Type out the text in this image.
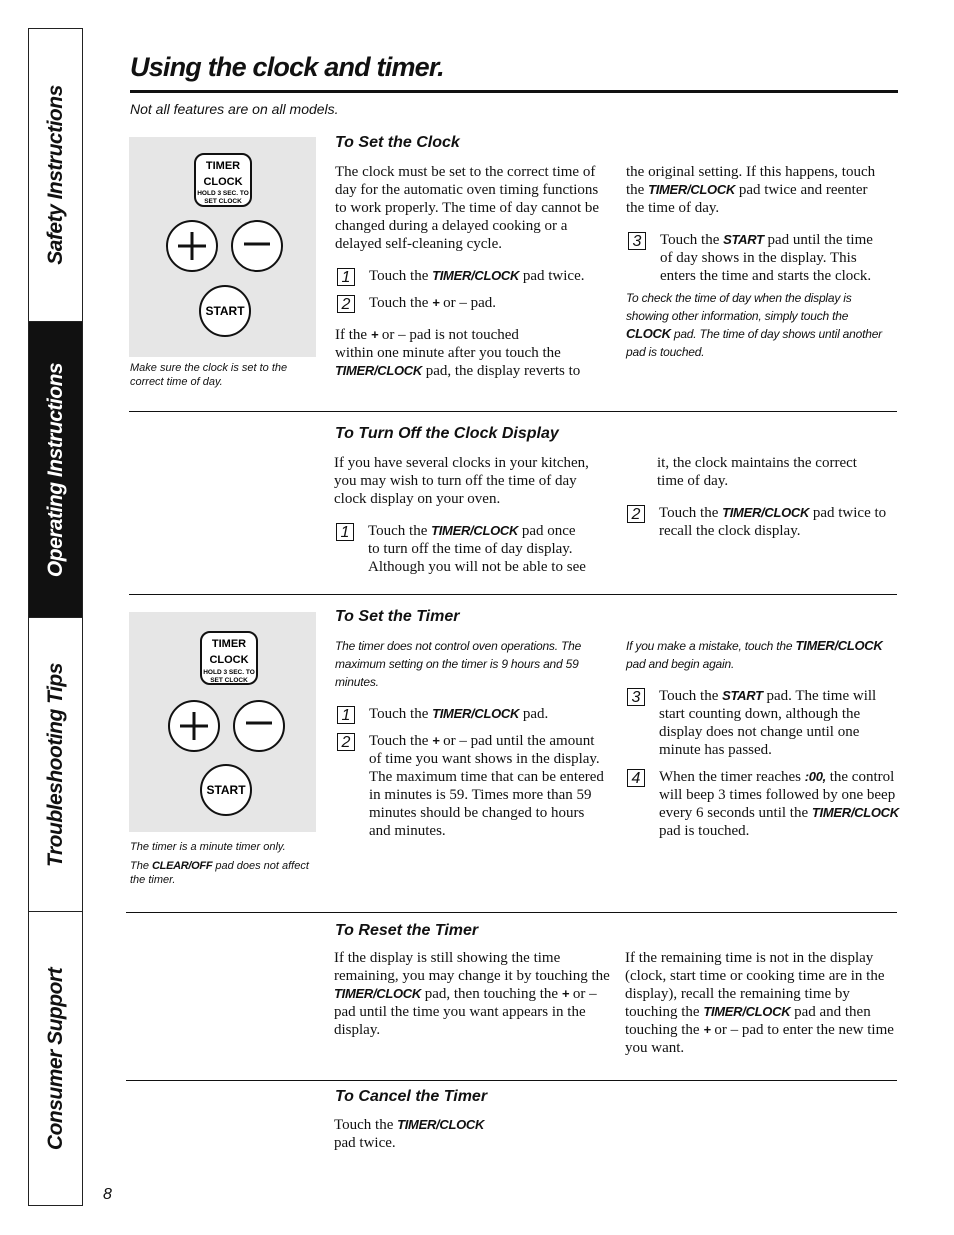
Safety Instructions
Operating Instructions
Troubleshooting Tips
Consumer Support
Using the clock and timer.
Not all features are on all models.
TIMER
CLOCK
HOLD 3 SEC. TO
SET CLOCK
START
Make sure the clock is set to the correct time of day.
To Set the Clock
The clock must be set to the correct time of day for the automatic oven timing functions to work properly. The time of day cannot be changed during a delayed cooking or a delayed self-cleaning cycle.
1	Touch the TIMER/CLOCK pad twice.
2	Touch the + or – pad.
If the + or – pad is not touched
within one minute after you touch the
TIMER/CLOCK pad, the display reverts to
the original setting. If this happens, touch
the TIMER/CLOCK pad twice and reenter
the time of day.
3	Touch the START pad until the time
of day shows in the display. This
enters the time and starts the clock.
To check the time of day when the display is
showing other information, simply touch the
CLOCK pad. The time of day shows until another
pad is touched.
To Turn Off the Clock Display
If you have several clocks in your kitchen, you may wish to turn off the time of day clock display on your oven.
1	Touch the TIMER/CLOCK pad once
to turn off the time of day display.
Although you will not be able to see
it, the clock maintains the correct time of day.
2	Touch the TIMER/CLOCK pad twice to
recall the clock display.
TIMER
CLOCK
HOLD 3 SEC. TO
SET CLOCK
START
The timer is a minute timer only.
The CLEAR/OFF pad does not affect the timer.
To Set the Timer
The timer does not control oven operations. The maximum setting on the timer is 9 hours and 59 minutes.
1	Touch the TIMER/CLOCK pad.
2	Touch the + or – pad until the amount of time you want shows in the display. The maximum time that can be entered in minutes is 59. Times more than 59 minutes should be changed to hours and minutes.
If you make a mistake, touch the TIMER/CLOCK
pad and begin again.
3	Touch the START pad. The time will start counting down, although the display does not change until one minute has passed.
4	When the timer reaches :00, the control will beep 3 times followed by one beep every 6 seconds until the TIMER/CLOCK pad is touched.
To Reset the Timer
If the display is still showing the time remaining, you may change it by touching the TIMER/CLOCK pad, then touching the + or – pad until the time you want appears in the display.
If the remaining time is not in the display (clock, start time or cooking time are in the display), recall the remaining time by touching the TIMER/CLOCK pad and then touching the + or – pad to enter the new time you want.
To Cancel the Timer
Touch the TIMER/CLOCK
pad twice.
8
